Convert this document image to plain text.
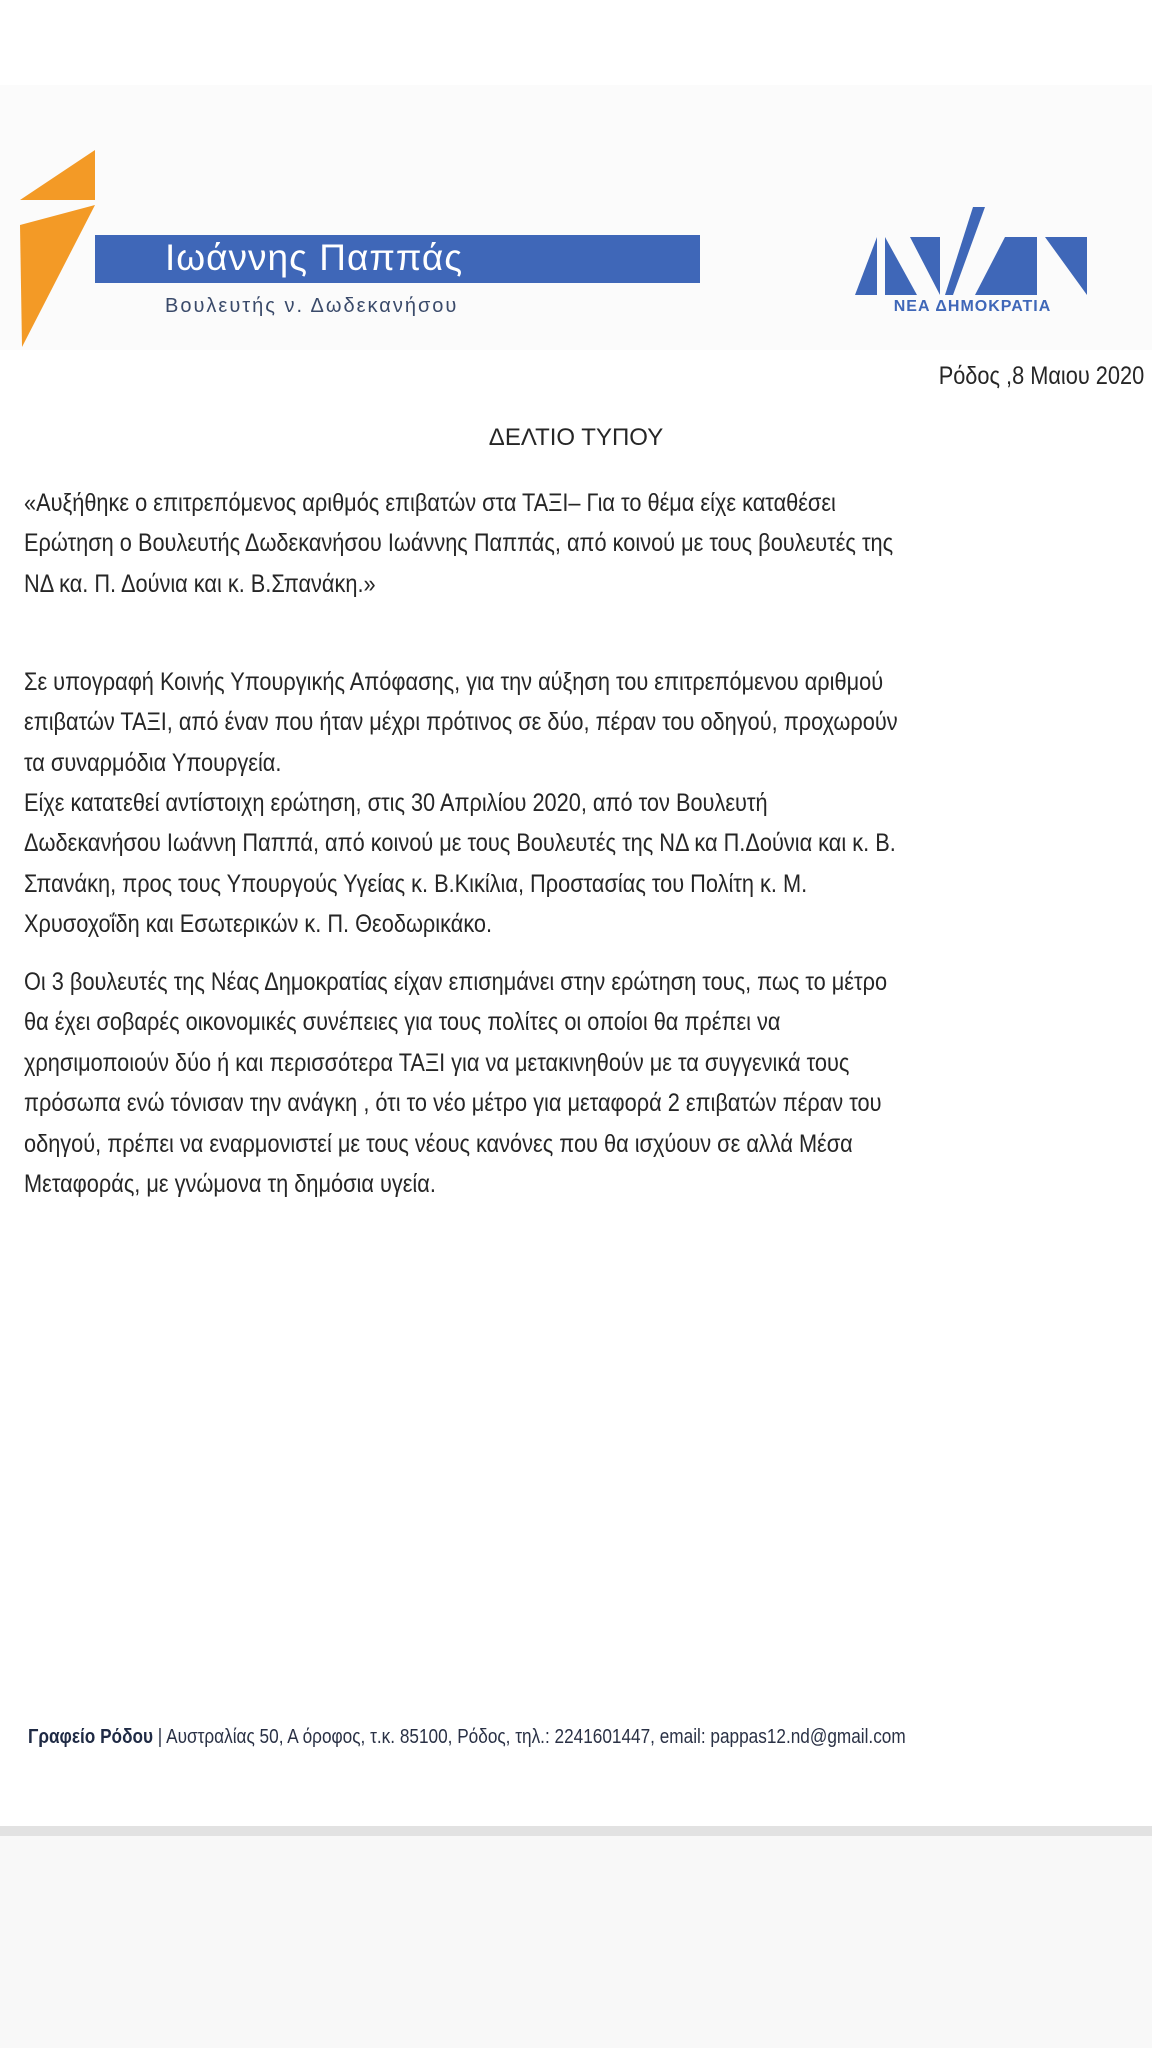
Ιωάννης Παππάς
Βουλευτής ν. Δωδεκανήσου	ΝΕΑ ΔΗΜΟΚΡΑΤΙΑ
Ρόδος ,8 Μαιου 2020
ΔΕΛΤΙΟ ΤΥΠΟΥ
«Αυξήθηκε ο επιτρεπόμενος αριθμός επιβατών στα ΤΑΞΙ– Για το θέμα είχε καταθέσει
Ερώτηση ο Βουλευτής Δωδεκανήσου Ιωάννης Παππάς, από κοινού με τους βουλευτές της
ΝΔ κα. Π. Δούνια και κ. Β.Σπανάκη.»
Σε υπογραφή Κοινής Υπουργικής Απόφασης, για την αύξηση του επιτρεπόμενου αριθμού
επιβατών ΤΑΞΙ, από έναν που ήταν μέχρι πρότινος σε δύο, πέραν του οδηγού, προχωρούν
τα συναρμόδια Υπουργεία.
Είχε κατατεθεί αντίστοιχη ερώτηση, στις 30 Απριλίου 2020, από τον Βουλευτή
Δωδεκανήσου Ιωάννη Παππά, από κοινού με τους Βουλευτές της ΝΔ κα Π.Δούνια και κ. Β.
Σπανάκη, προς τους Υπουργούς Υγείας κ. Β.Κικίλια, Προστασίας του Πολίτη κ. Μ.
Χρυσοχοΐδη και Εσωτερικών κ. Π. Θεοδωρικάκο.
Οι 3 βουλευτές της Νέας Δημοκρατίας είχαν επισημάνει στην ερώτηση τους, πως το μέτρο
θα έχει σοβαρές οικονομικές συνέπειες για τους πολίτες οι οποίοι θα πρέπει να
χρησιμοποιούν δύο ή και περισσότερα ΤΑΞΙ για να μετακινηθούν με τα συγγενικά τους
πρόσωπα ενώ τόνισαν την ανάγκη , ότι το νέο μέτρο για μεταφορά 2 επιβατών πέραν του
οδηγού, πρέπει να εναρμονιστεί με τους νέους κανόνες που θα ισχύουν σε αλλά Μέσα
Μεταφοράς, με γνώμονα τη δημόσια υγεία.
Γραφείο Ρόδου | Αυστραλίας 50, Α όροφος, τ.κ. 85100, Ρόδος, τηλ.: 2241601447, email: pappas12.nd@gmail.com
